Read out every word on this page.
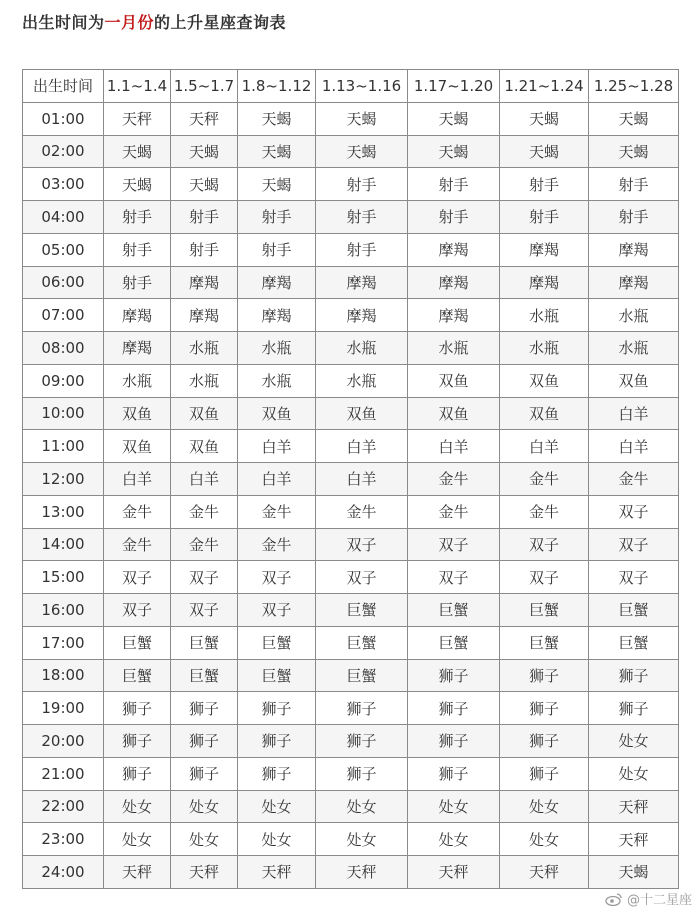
出生时间为一月份的上升星座查询表
出生时间	1.1~1.4	1.5~1.7	1.8~1.12	1.13~1.16	1.17~1.20	1.21~1.24	1.25~1.28
01:00	天秤	天秤	天蝎	天蝎	天蝎	天蝎	天蝎
02:00	天蝎	天蝎	天蝎	天蝎	天蝎	天蝎	天蝎
03:00	天蝎	天蝎	天蝎	射手	射手	射手	射手
04:00	射手	射手	射手	射手	射手	射手	射手
05:00	射手	射手	射手	射手	摩羯	摩羯	摩羯
06:00	射手	摩羯	摩羯	摩羯	摩羯	摩羯	摩羯
07:00	摩羯	摩羯	摩羯	摩羯	摩羯	水瓶	水瓶
08:00	摩羯	水瓶	水瓶	水瓶	水瓶	水瓶	水瓶
09:00	水瓶	水瓶	水瓶	水瓶	双鱼	双鱼	双鱼
10:00	双鱼	双鱼	双鱼	双鱼	双鱼	双鱼	白羊
11:00	双鱼	双鱼	白羊	白羊	白羊	白羊	白羊
12:00	白羊	白羊	白羊	白羊	金牛	金牛	金牛
13:00	金牛	金牛	金牛	金牛	金牛	金牛	双子
14:00	金牛	金牛	金牛	双子	双子	双子	双子
15:00	双子	双子	双子	双子	双子	双子	双子
16:00	双子	双子	双子	巨蟹	巨蟹	巨蟹	巨蟹
17:00	巨蟹	巨蟹	巨蟹	巨蟹	巨蟹	巨蟹	巨蟹
18:00	巨蟹	巨蟹	巨蟹	巨蟹	狮子	狮子	狮子
19:00	狮子	狮子	狮子	狮子	狮子	狮子	狮子
20:00	狮子	狮子	狮子	狮子	狮子	狮子	处女
21:00	狮子	狮子	狮子	狮子	狮子	狮子	处女
22:00	处女	处女	处女	处女	处女	处女	天秤
23:00	处女	处女	处女	处女	处女	处女	天秤
24:00	天秤	天秤	天秤	天秤	天秤	天秤	天蝎
@十二星座
